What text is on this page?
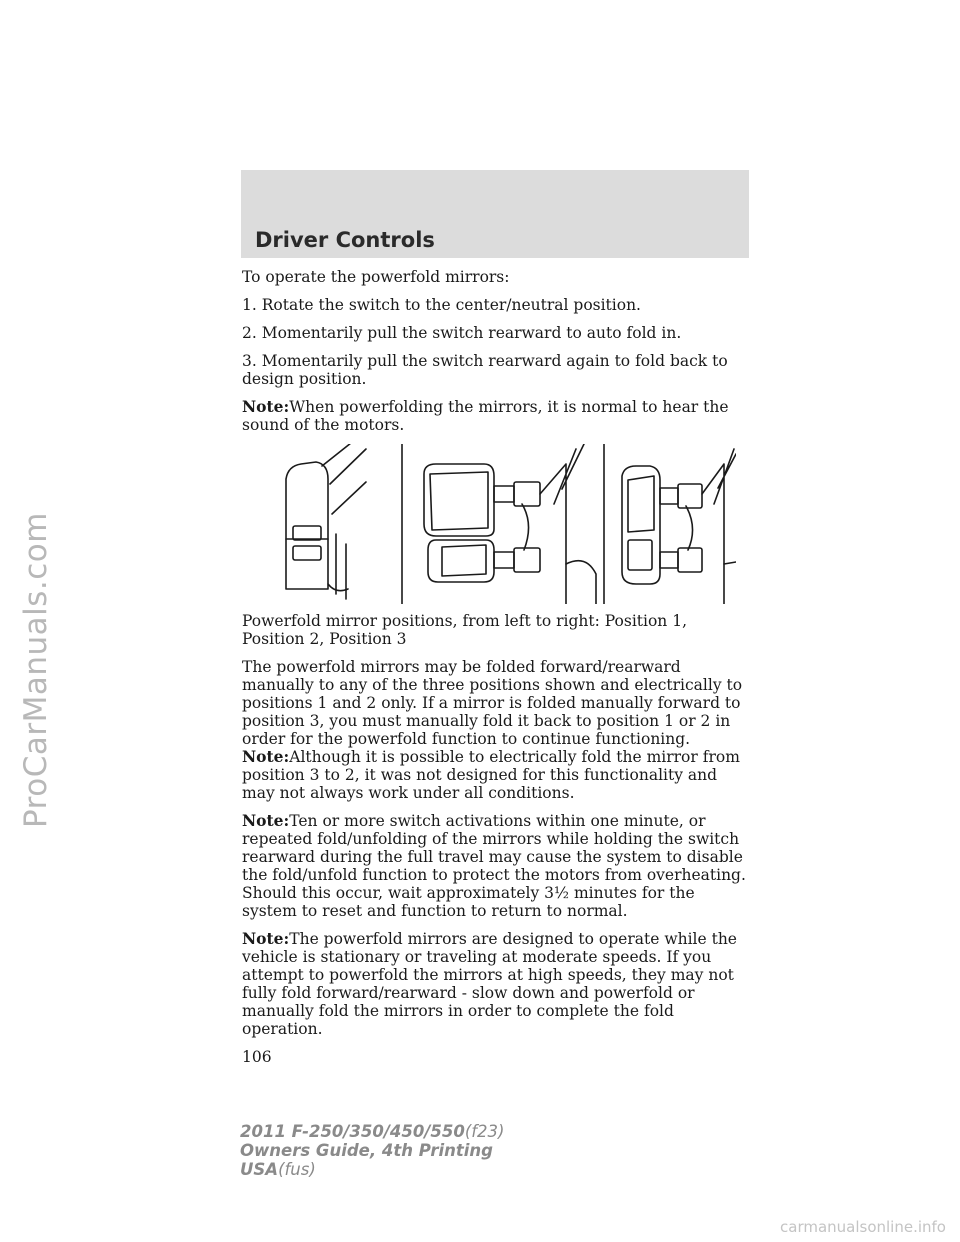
ProCarManuals.com
Driver Controls

To operate the powerfold mirrors:

1. Rotate the switch to the center/neutral position.

2. Momentarily pull the switch rearward to auto fold in.

3. Momentarily pull the switch rearward again to fold back to design position.

Note:When powerfolding the mirrors, it is normal to hear the sound of the motors.

Powerfold mirror positions, from left to right: Position 1, Position 2, Position 3

The powerfold mirrors may be folded forward/rearward manually to any of the three positions shown and electrically to positions 1 and 2 only. If a mirror is folded manually forward to position 3, you must manually fold it back to position 1 or 2 in order for the powerfold function to continue functioning. Note:Although it is possible to electrically fold the mirror from position 3 to 2, it was not designed for this functionality and may not always work under all conditions.

Note:Ten or more switch activations within one minute, or repeated fold/unfolding of the mirrors while holding the switch rearward during the full travel may cause the system to disable the fold/unfold function to protect the motors from overheating. Should this occur, wait approximately 3½ minutes for the system to reset and function to return to normal.

Note:The powerfold mirrors are designed to operate while the vehicle is stationary or traveling at moderate speeds. If you attempt to powerfold the mirrors at high speeds, they may not fully fold forward/rearward - slow down and powerfold or manually fold the mirrors in order to complete the fold operation.

106
2011 F-250/350/450/550(f23)
Owners Guide, 4th Printing
USA(fus)
carmanualsonline.info
